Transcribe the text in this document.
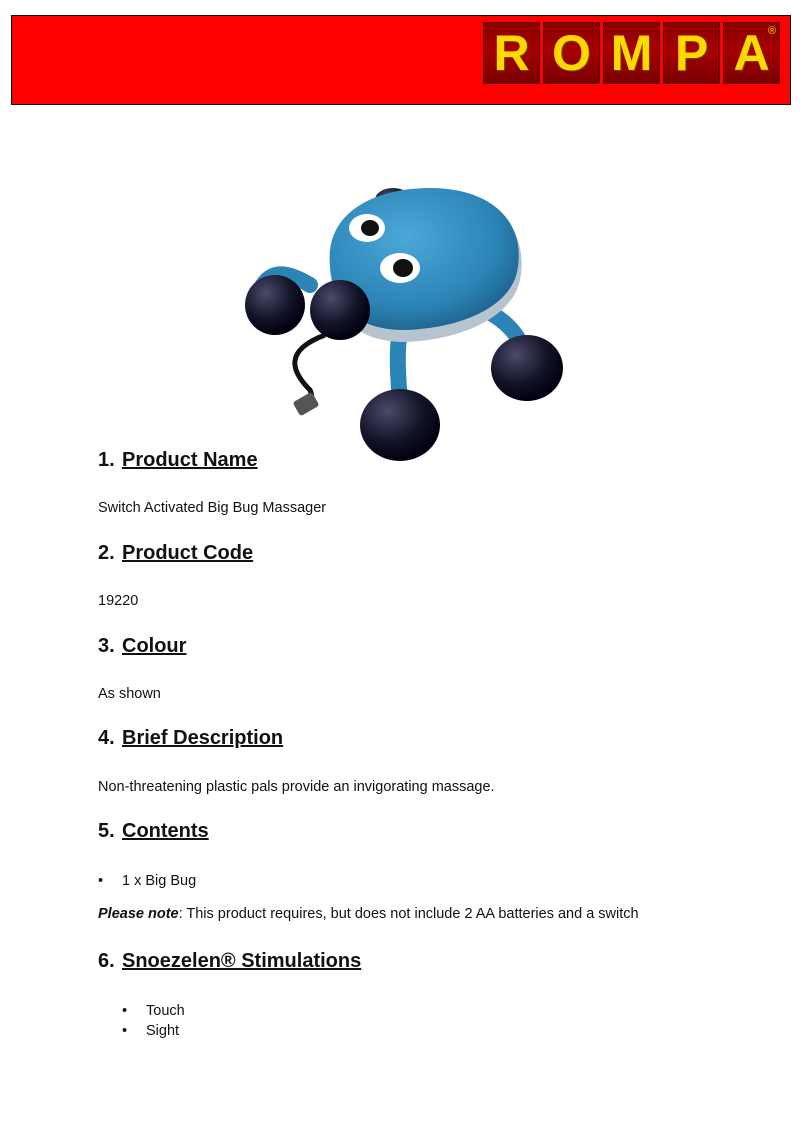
R O M P A
®
1. Product Name

Switch Activated Big Bug Massager

2. Product Code

19220

3. Colour

As shown

4. Brief Description

Non-threatening plastic pals provide an invigorating massage.

5. Contents

• 1 x Big Bug

Please note: This product requires, but does not include 2 AA batteries and a switch

6. Snoezelen® Stimulations

• Touch

• Sight
